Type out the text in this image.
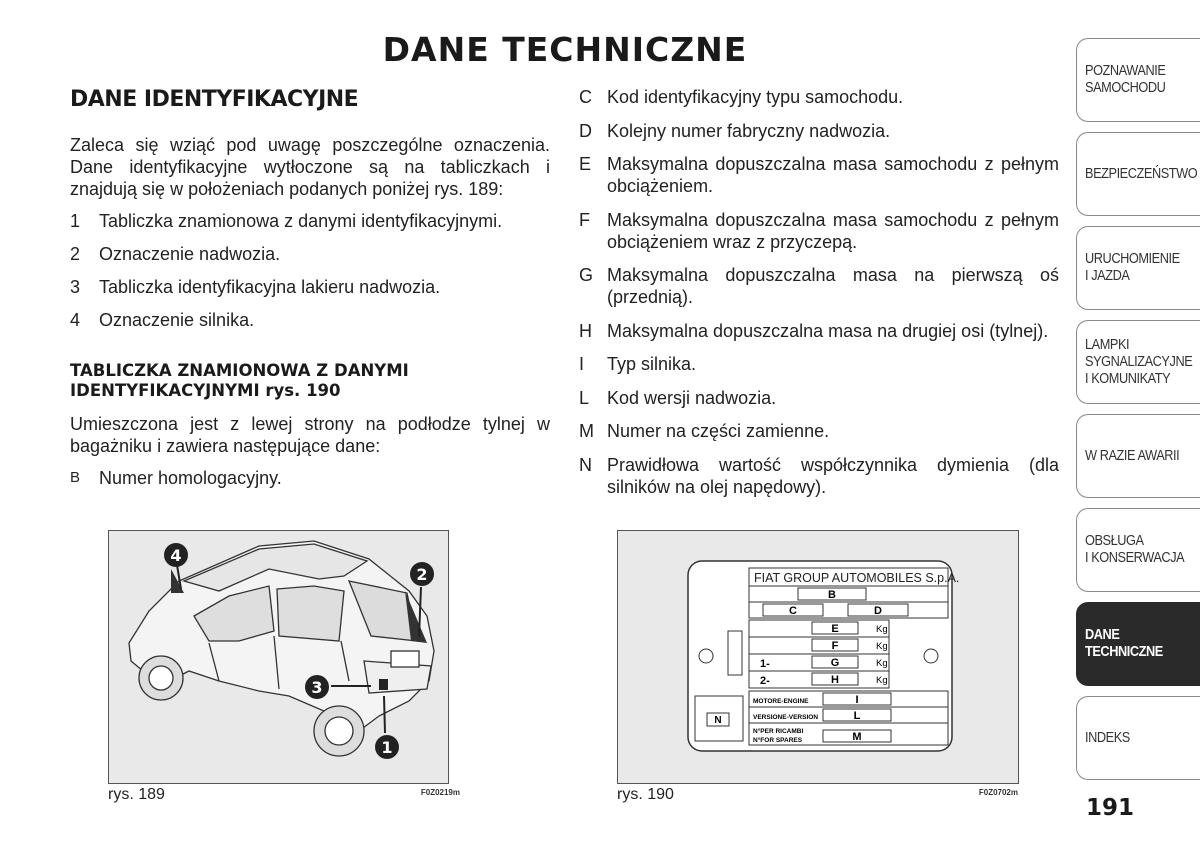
DANE TECHNICZNE
DANE IDENTYFIKACYJNE

Zaleca się wziąć pod uwagę poszczególne oznaczenia. Dane identyfikacyjne wytłoczone są na tabliczkach i znajdują się w położeniach podanych poniżej rys. 189:

1	Tabliczka znamionowa z danymi identyfikacyjnymi.
2	Oznaczenie nadwozia.
3	Tabliczka identyfikacyjna lakieru nadwozia.
4	Oznaczenie silnika.
TABLICZKA ZNAMIONOWA Z DANYMI IDENTYFIKACYJNYMI rys. 190

Umieszczona jest z lewej strony na podłodze tylnej w bagażniku i zawiera następujące dane:

B	Numer homologacyjny.
C Kod identyfikacyjny typu samochodu.
D Kolejny numer fabryczny nadwozia.
E Maksymalna dopuszczalna masa samochodu z pełnym obciążeniem.
F Maksymalna dopuszczalna masa samochodu z pełnym obciążeniem wraz z przyczepą.
G Maksymalna dopuszczalna masa na pierwszą oś (przednią).
H Maksymalna dopuszczalna masa na drugiej osi (tylnej).
I	Typ silnika.
L Kod wersji nadwozia.
M Numer na części zamienne.
N Prawidłowa wartość współczynnika dymienia (dla silników na olej napędowy).
4
2
3
1
rys. 189	F0Z0219m
FIAT GROUP AUTOMOBILES S.p.A.
B
C	D
E	Kg
F	Kg
1-	G	Kg
2-	H	Kg
MOTORE-ENGINE	I
VERSIONE-VERSION	L
N°PER RICAMBI
N°FOR SPARES	M
N
rys. 190	F0Z0702m
POZNAWANIE
SAMOCHODU
BEZPIECZEŃSTWO
URUCHOMIENIE
I JAZDA
LAMPKI
SYGNALIZACYJNE
I KOMUNIKATY
W RAZIE AWARII
OBSŁUGA
I KONSERWACJA
DANE
TECHNICZNE
INDEKS
191
